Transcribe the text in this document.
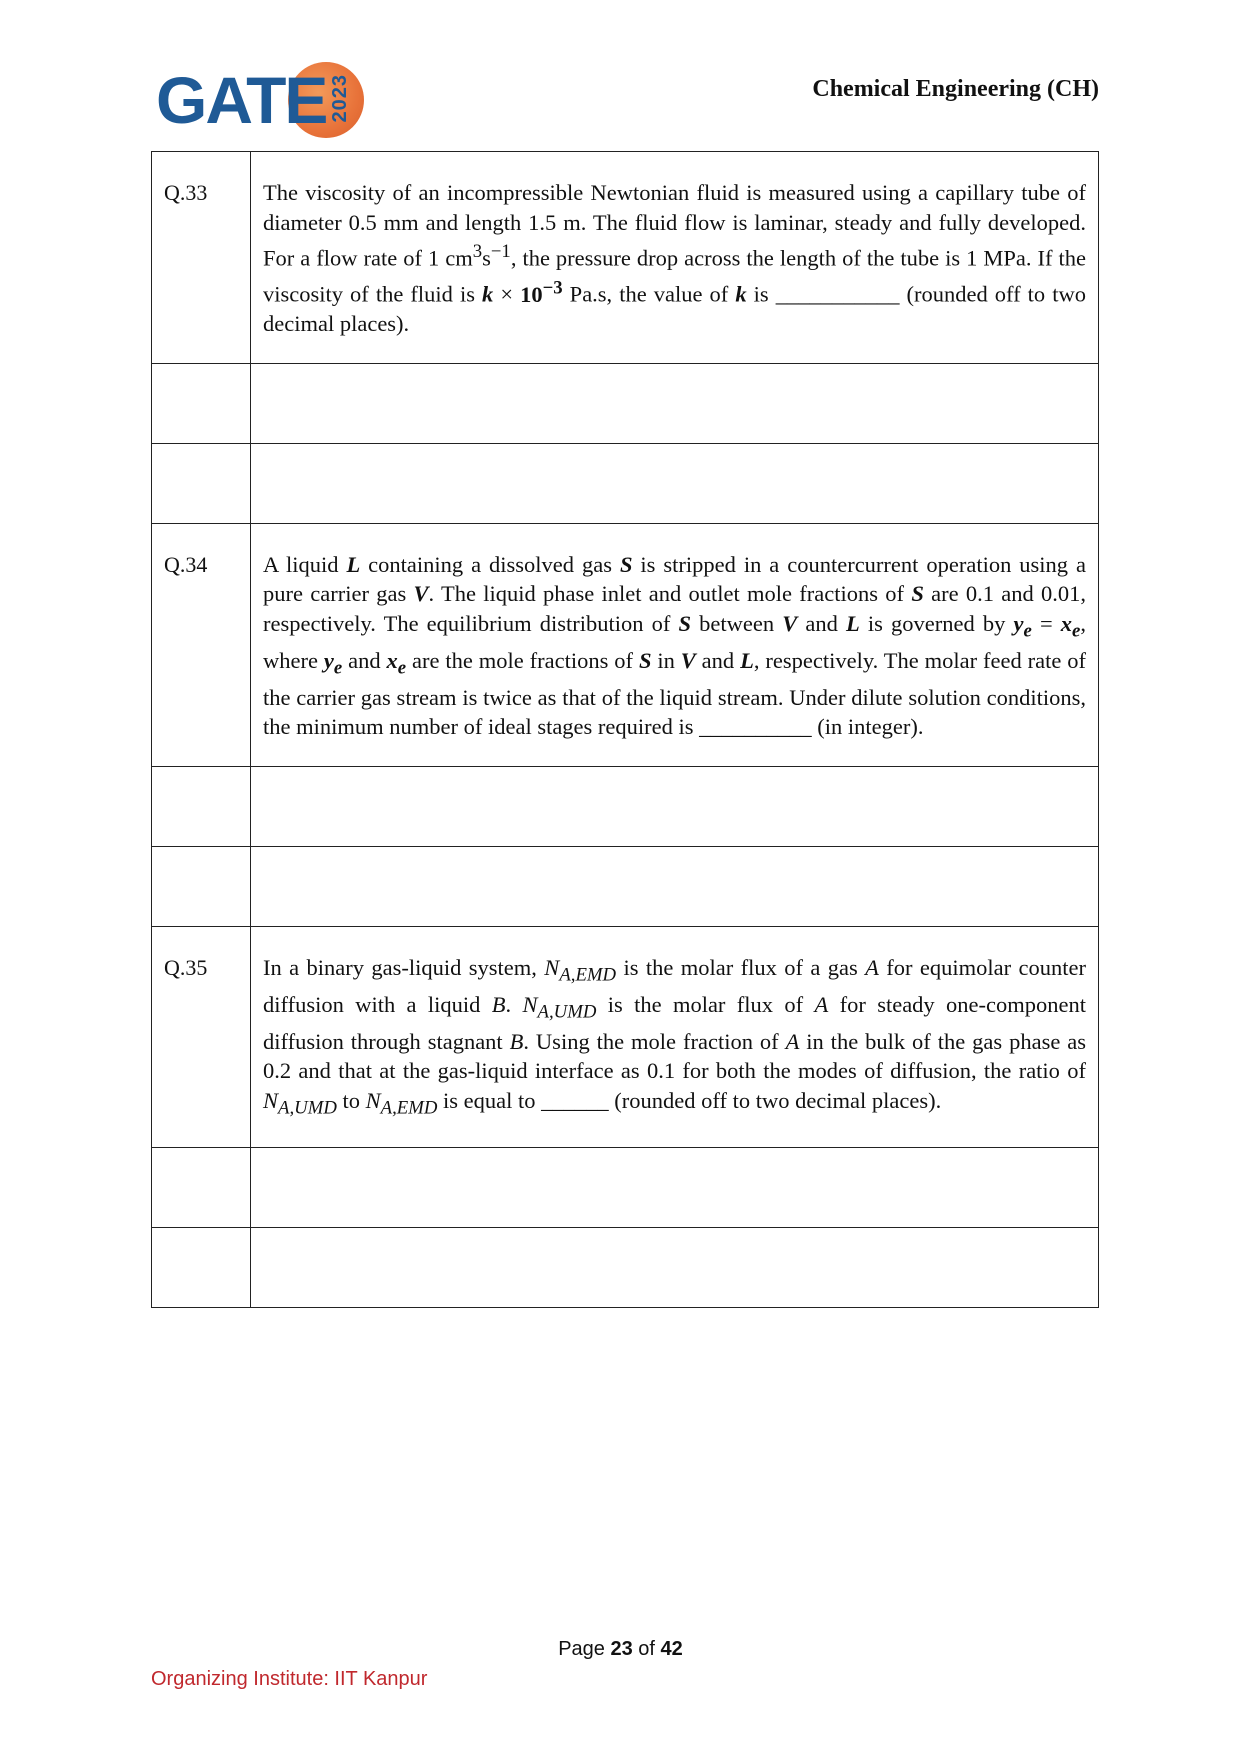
GATE 2023	Chemical Engineering (CH)
Q.33	The viscosity of an incompressible Newtonian fluid is measured using a capillary tube of diameter 0.5 mm and length 1.5 m. The fluid flow is laminar, steady and fully developed. For a flow rate of 1 $cm^3s^{-1}$, the pressure drop across the length of the tube is 1 MPa. If the viscosity of the fluid is $k \times 10^{-3}$ Pa.s, the value of k is ___________ (rounded off to two decimal places).

Q.34	A liquid L containing a dissolved gas S is stripped in a countercurrent operation using a pure carrier gas V. The liquid phase inlet and outlet mole fractions of S are 0.1 and 0.01, respectively. The equilibrium distribution of S between V and L is governed by $y_e = x_e$, where $y_e$ and $x_e$ are the mole fractions of S in V and L, respectively. The molar feed rate of the carrier gas stream is twice as that of the liquid stream. Under dilute solution conditions, the minimum number of ideal stages required is __________ (in integer).

Q.35	In a binary gas-liquid system, $N_{A,EMD}$ is the molar flux of a gas A for equimolar counter diffusion with a liquid B. $N_{A,UMD}$ is the molar flux of A for steady one-component diffusion through stagnant B. Using the mole fraction of A in the bulk of the gas phase as 0.2 and that at the gas-liquid interface as 0.1 for both the modes of diffusion, the ratio of $N_{A,UMD}$ to $N_{A,EMD}$ is equal to ______ (rounded off to two decimal places).

Page 23 of 42
Organizing Institute: IIT Kanpur
